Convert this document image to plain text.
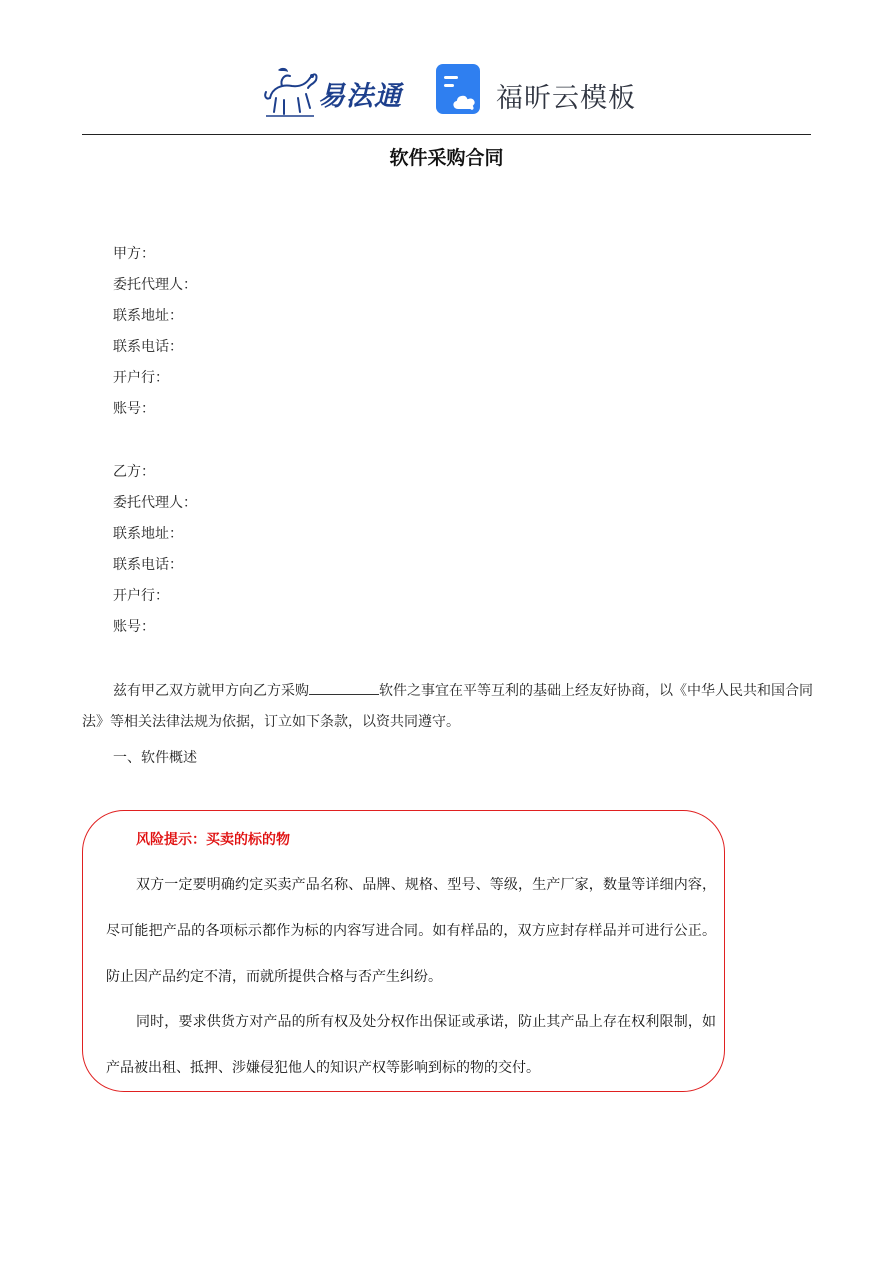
易法通	福昕云模板
软件采购合同
甲方：
委托代理人：
联系地址：
联系电话：
开户行：
账号：
乙方：
委托代理人：
联系地址：
联系电话：
开户行：
账号：
兹有甲乙双方就甲方向乙方采购	软件之事宜在平等互利的基础上经友好协商，以《中华人民共和国合同法》等相关法律法规为依据，订立如下条款，以资共同遵守。
一、软件概述
风险提示：买卖的标的物
双方一定要明确约定买卖产品名称、品牌、规格、型号、等级，生产厂家，数量等详细内容，尽可能把产品的各项标示都作为标的内容写进合同。如有样品的，双方应封存样品并可进行公正。防止因产品约定不清，而就所提供合格与否产生纠纷。
同时，要求供货方对产品的所有权及处分权作出保证或承诺，防止其产品上存在权利限制，如产品被出租、抵押、涉嫌侵犯他人的知识产权等影响到标的物的交付。
